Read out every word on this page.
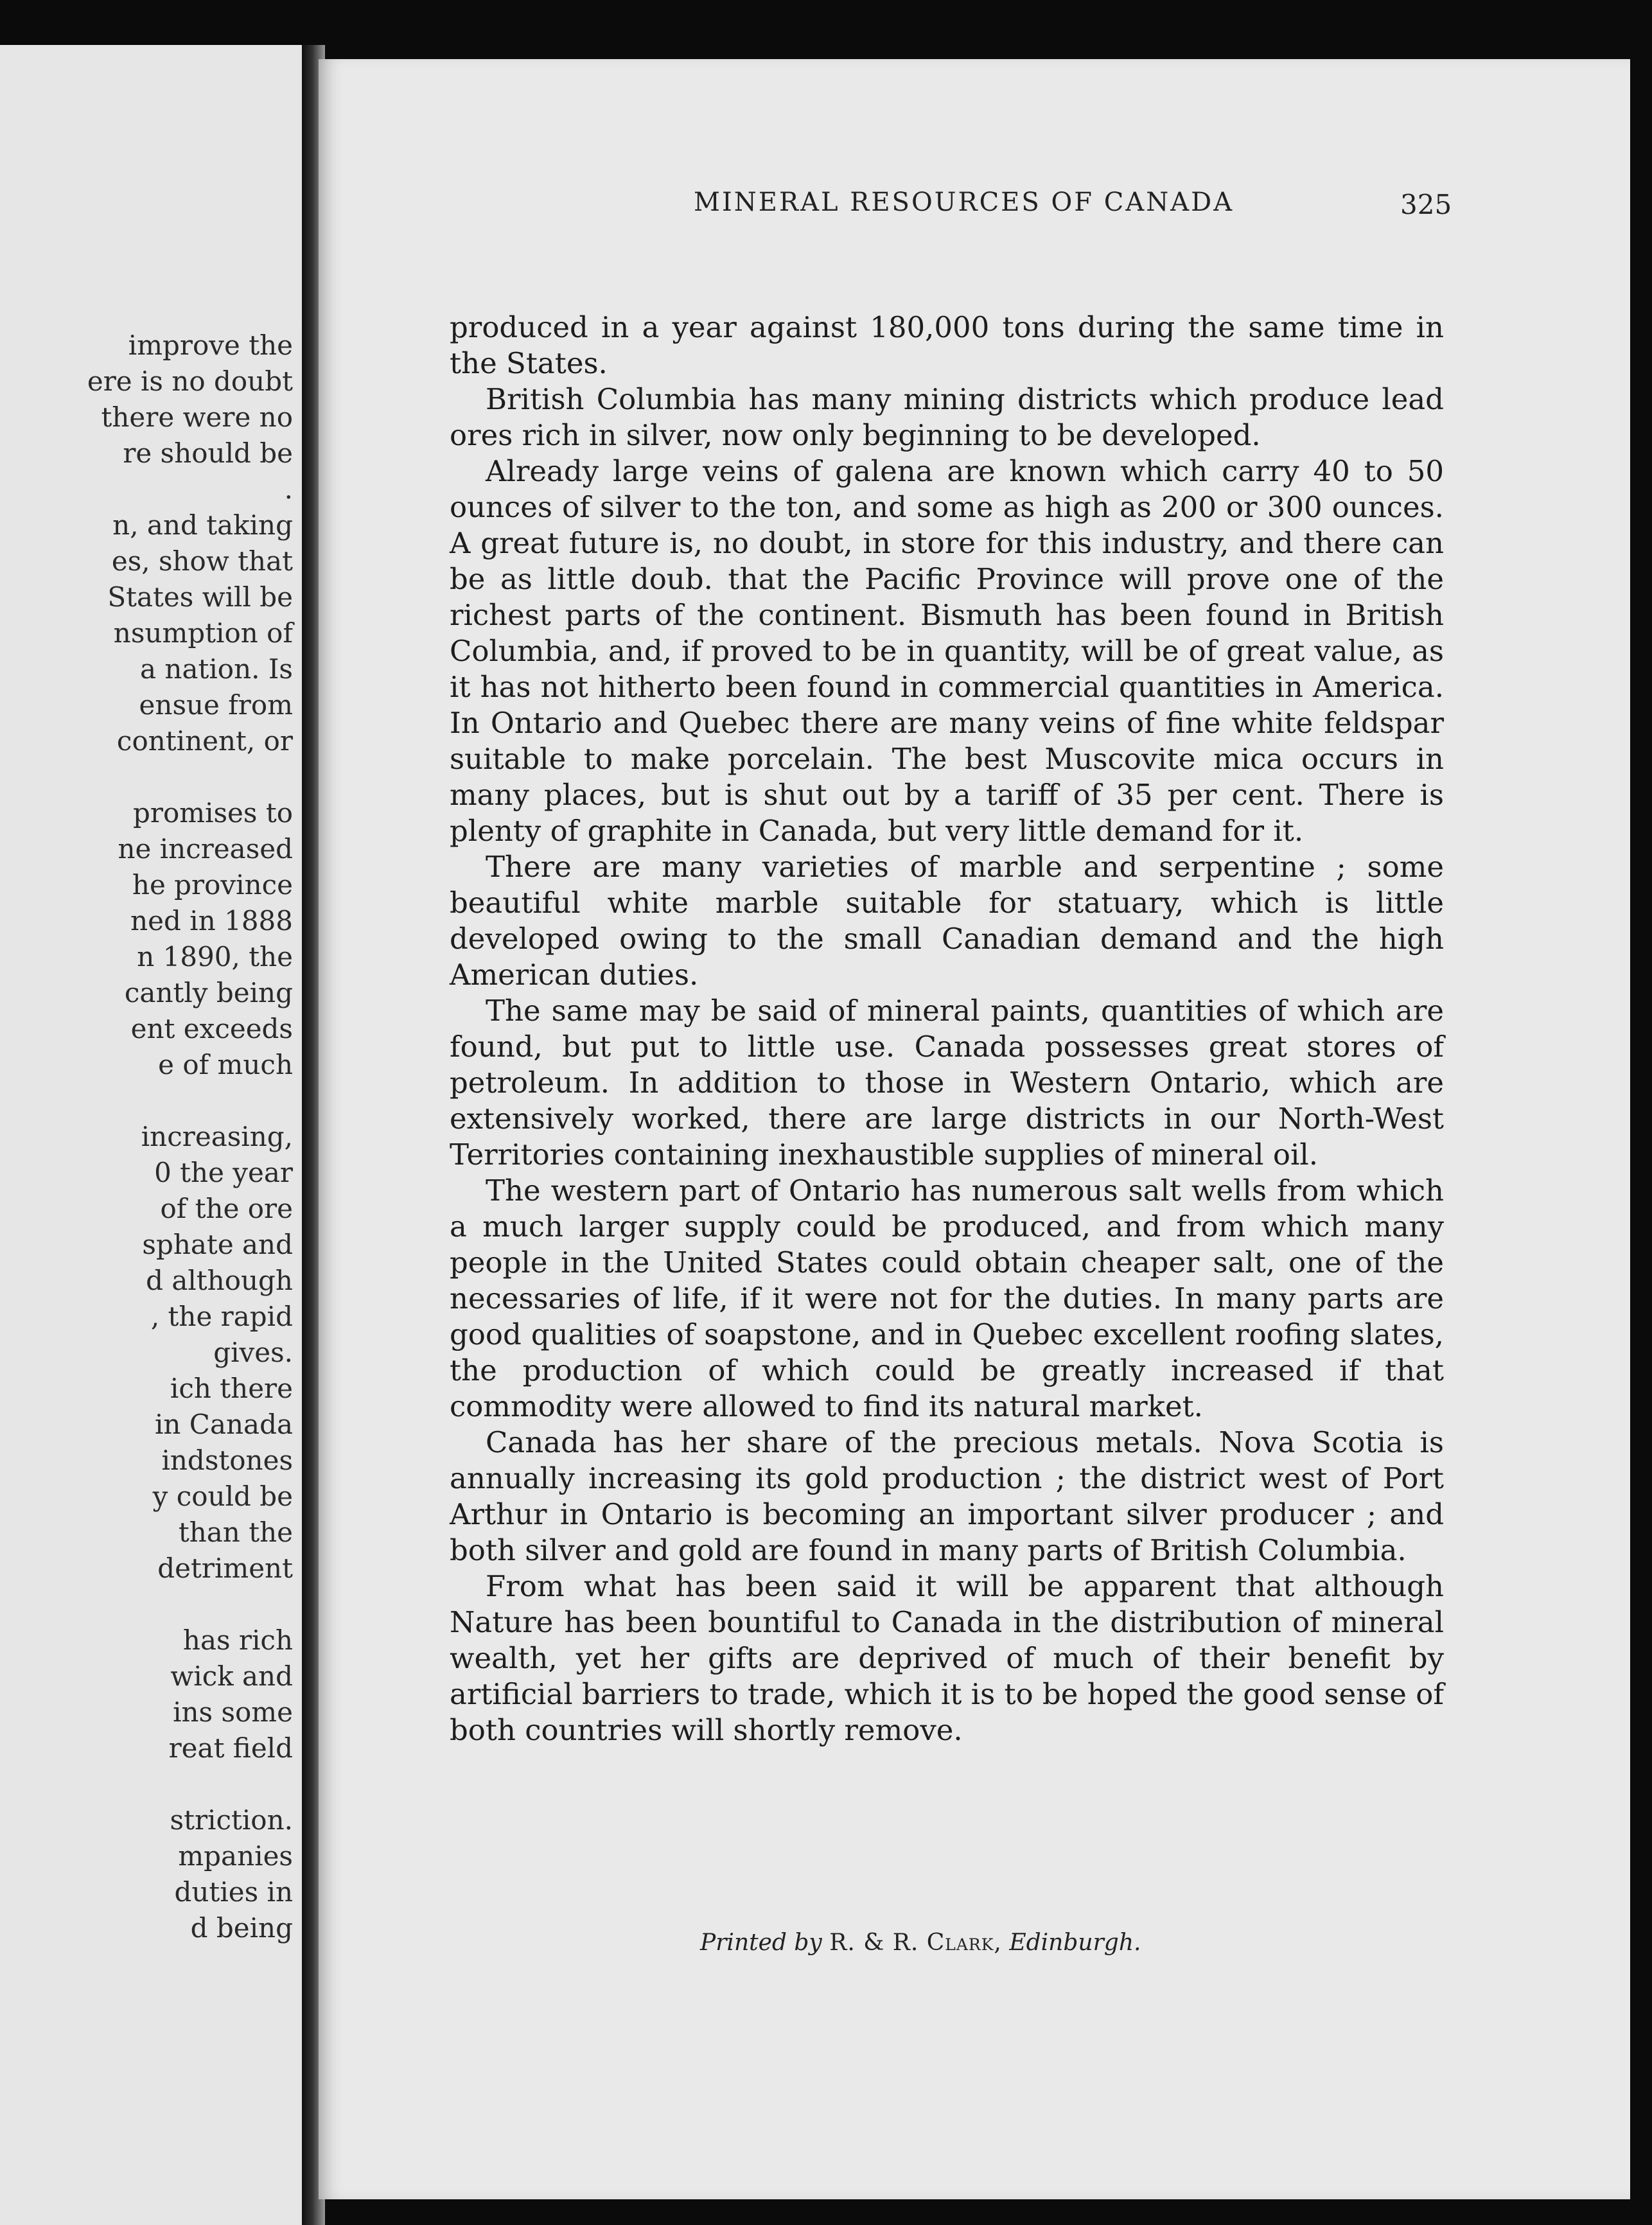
improve the
ere is no doubt
there were no
re should be
.
n, and taking
es, show that
States will be
nsumption of
a nation. Is
ensue from
continent, or
promises to
ne increased
he province
ned in 1888
n 1890, the
cantly being
ent exceeds
e of much
increasing,
0 the year
of the ore
sphate and
d although
, the rapid
gives.
ich there
in Canada
indstones
y could be
than the
detriment
has rich
wick and
ins some
reat field
striction.
mpanies
duties in
d being
MINERAL RESOURCES OF CANADA	325

produced in a year against 180,000 tons during the same time in the States.

British Columbia has many mining districts which produce lead ores rich in silver, now only beginning to be developed.

Already large veins of galena are known which carry 40 to 50 ounces of silver to the ton, and some as high as 200 or 300 ounces. A great future is, no doubt, in store for this industry, and there can be as little doub. that the Pacific Province will prove one of the richest parts of the continent. Bismuth has been found in British Columbia, and, if proved to be in quantity, will be of great value, as it has not hitherto been found in commercial quantities in America. In Ontario and Quebec there are many veins of fine white feldspar suitable to make porcelain. The best Muscovite mica occurs in many places, but is shut out by a tariff of 35 per cent. There is plenty of graphite in Canada, but very little demand for it.

There are many varieties of marble and serpentine ; some beautiful white marble suitable for statuary, which is little developed owing to the small Canadian demand and the high American duties.

The same may be said of mineral paints, quantities of which are found, but put to little use. Canada possesses great stores of petroleum. In addition to those in Western Ontario, which are extensively worked, there are large districts in our North-West Territories containing inexhaustible supplies of mineral oil.

The western part of Ontario has numerous salt wells from which a much larger supply could be produced, and from which many people in the United States could obtain cheaper salt, one of the necessaries of life, if it were not for the duties. In many parts are good qualities of soapstone, and in Quebec excellent roofing slates, the production of which could be greatly increased if that commodity were allowed to find its natural market.

Canada has her share of the precious metals. Nova Scotia is annually increasing its gold production ; the district west of Port Arthur in Ontario is becoming an important silver producer ; and both silver and gold are found in many parts of British Columbia.

From what has been said it will be apparent that although Nature has been bountiful to Canada in the distribution of mineral wealth, yet her gifts are deprived of much of their benefit by artificial barriers to trade, which it is to be hoped the good sense of both countries will shortly remove.

Printed by R. & R. Clark, Edinburgh.
